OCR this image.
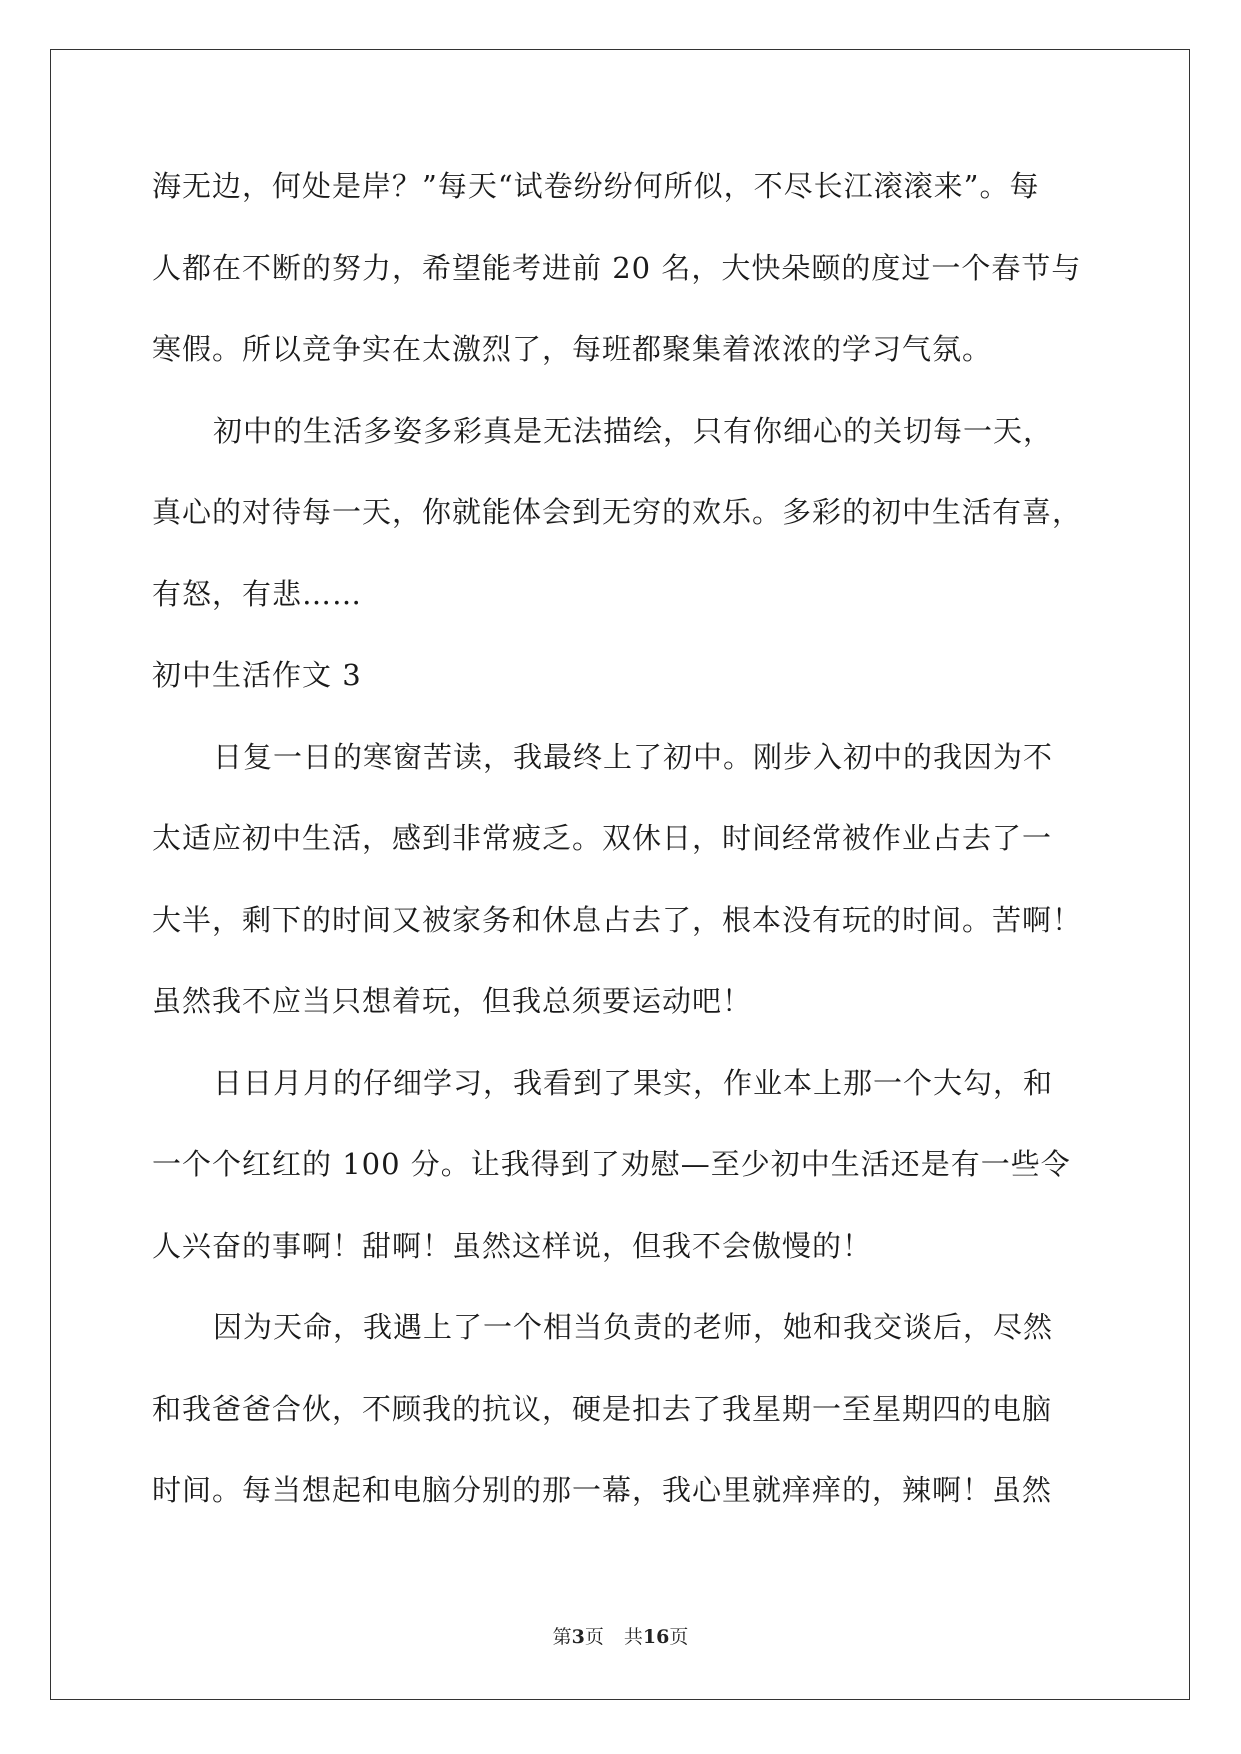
海无边，何处是岸？”每天“试卷纷纷何所似，不尽长江滚滚来”。每
人都在不断的努力，希望能考进前 20 名，大快朵颐的度过一个春节与
寒假。所以竞争实在太激烈了，每班都聚集着浓浓的学习气氛。
初中的生活多姿多彩真是无法描绘，只有你细心的关切每一天，
真心的对待每一天，你就能体会到无穷的欢乐。多彩的初中生活有喜，
有怒，有悲……
初中生活作文 3
日复一日的寒窗苦读，我最终上了初中。刚步入初中的我因为不
太适应初中生活，感到非常疲乏。双休日，时间经常被作业占去了一
大半，剩下的时间又被家务和休息占去了，根本没有玩的时间。苦啊！
虽然我不应当只想着玩，但我总须要运动吧！
日日月月的仔细学习，我看到了果实，作业本上那一个大勾，和
一个个红红的 100 分。让我得到了劝慰—至少初中生活还是有一些令
人兴奋的事啊！甜啊！虽然这样说，但我不会傲慢的！
因为天命，我遇上了一个相当负责的老师，她和我交谈后，尽然
和我爸爸合伙，不顾我的抗议，硬是扣去了我星期一至星期四的电脑
时间。每当想起和电脑分别的那一幕，我心里就痒痒的，辣啊！虽然
第3页 共16页
